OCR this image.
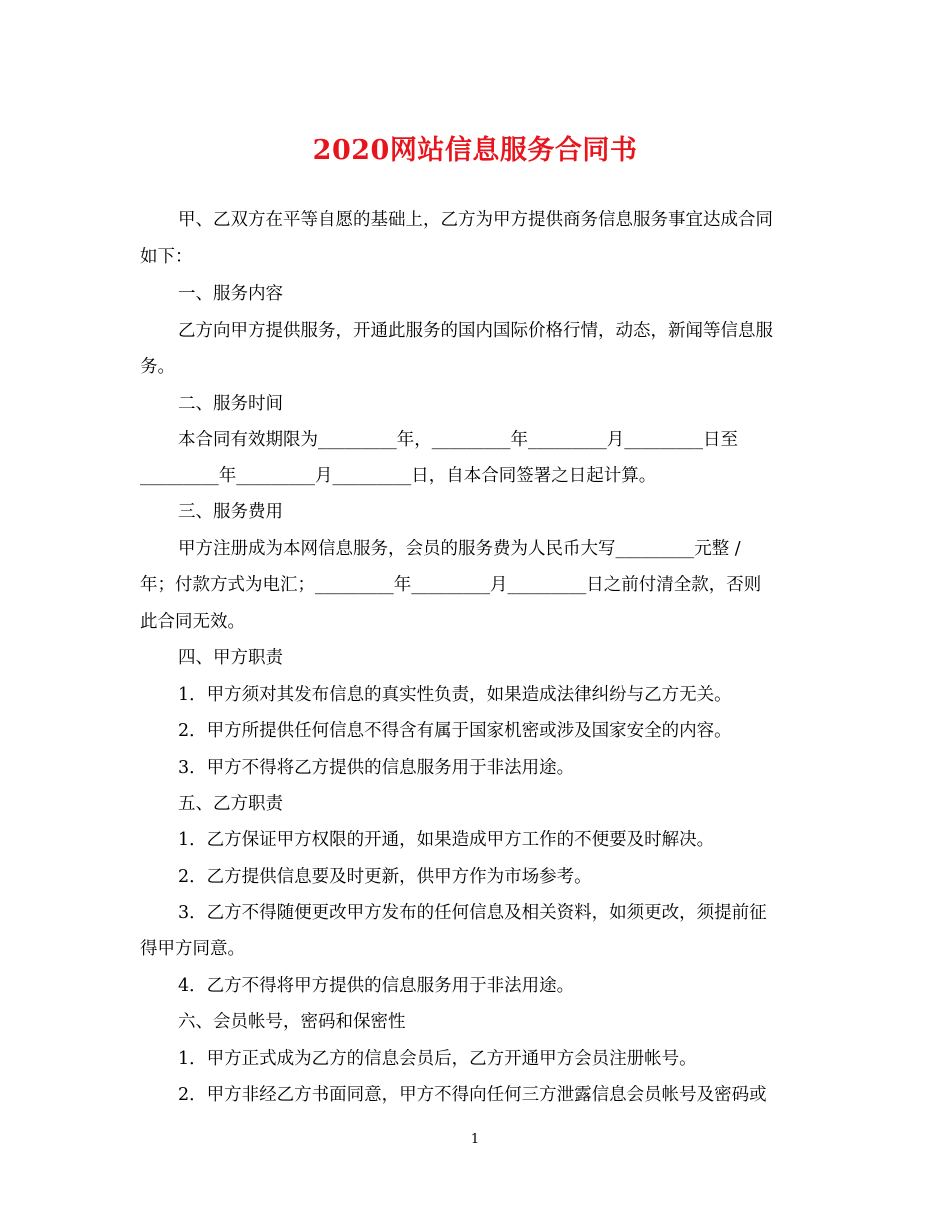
2020网站信息服务合同书
甲、乙双方在平等自愿的基础上，乙方为甲方提供商务信息服务事宜达成合同
如下：
一、服务内容
乙方向甲方提供服务，开通此服务的国内国际价格行情，动态，新闻等信息服
务。
二、服务时间
本合同有效期限为_________年，_________年_________月_________日至
_________年_________月_________日，自本合同签署之日起计算。
三、服务费用
甲方注册成为本网信息服务，会员的服务费为人民币大写_________元整 /
年；付款方式为电汇；_________年_________月_________日之前付清全款，否则
此合同无效。
四、甲方职责
1．甲方须对其发布信息的真实性负责，如果造成法律纠纷与乙方无关。
2．甲方所提供任何信息不得含有属于国家机密或涉及国家安全的内容。
3．甲方不得将乙方提供的信息服务用于非法用途。
五、乙方职责
1．乙方保证甲方权限的开通，如果造成甲方工作的不便要及时解决。
2．乙方提供信息要及时更新，供甲方作为市场参考。
3．乙方不得随便更改甲方发布的任何信息及相关资料，如须更改，须提前征
得甲方同意。
4．乙方不得将甲方提供的信息服务用于非法用途。
六、会员帐号，密码和保密性
1．甲方正式成为乙方的信息会员后，乙方开通甲方会员注册帐号。
2．甲方非经乙方书面同意，甲方不得向任何三方泄露信息会员帐号及密码或
1
